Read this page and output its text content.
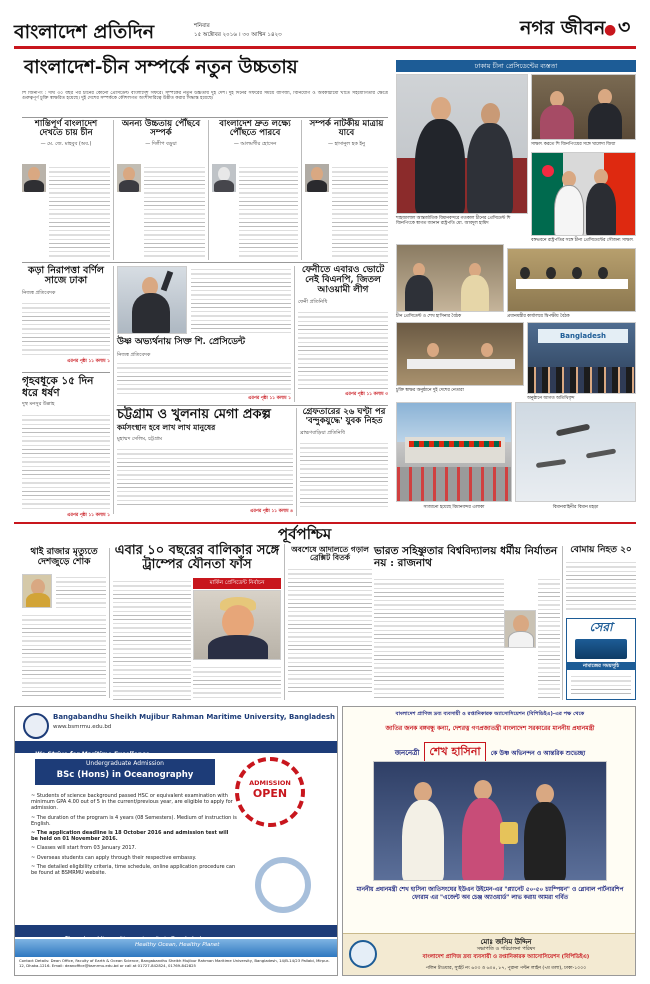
বাংলাদেশ প্রতিদিন	শনিবার
১৫ অক্টোবর ২০১৬ । ৩০ আশ্বিন ১৪২৩	নগর জীবন
● ৩
বাংলাদেশ-চীন সম্পর্কে নতুন উচ্চতায়
শি জিনপিং : দীর্ঘ ৩০ বছর পর চীনের কোনো প্রেসিডেন্ট বাংলাদেশ সফরে। সম্পর্কের নতুন উচ্চতায় দুই দেশ। দুই দিনের সফরের সময়ে বাণিজ্য, বিনিয়োগ ও অবকাঠামো খাতে সহযোগিতার ক্ষেত্রে গুরুত্বপূর্ণ চুক্তি স্বাক্ষরিত হয়েছে। দুই দেশের সম্পর্ককে কৌশলগত অংশীদারিত্বে উন্নীত করার সিদ্ধান্ত হয়েছে।
শান্তিপূর্ণ বাংলাদেশ দেখতে চায় চীন
— মে. জে. মাহবুব (অব.)
অনন্য উচ্চতায় পৌঁছবে সম্পর্ক
— দিলীপ বড়ুয়া
বাংলাদেশ দ্রুত লক্ষ্যে পৌঁছতে পারবে
— আলমগীর হোসেন
সম্পর্ক নাটকীয় মাত্রায় যাবে
— হাসানুল হক ইনু
কড়া নিরাপত্তা বর্ণিল সাজে ঢাকা
নিজস্ব প্রতিবেদক
এরপর পৃষ্ঠা ১১ কলাম ১
গৃহবধূকে ১৫ দিন ধরে ধর্ষণ
দুস্থ মনসুর উল্লাহ
এরপর পৃষ্ঠা ১১ কলাম ১
উষ্ণ অভ্যর্থনায় সিক্ত শি. প্রেসিডেন্ট
নিজস্ব প্রতিবেদক
এরপর পৃষ্ঠা ১১ কলাম ১
ফেনীতে এবারও ভোটে নেই বিএনপি, জিতল আওয়ামী লীগ
ফেনী প্রতিনিধি
এরপর পৃষ্ঠা ১১ কলাম ৩
চট্টগ্রাম ও খুলনায় মেগা প্রকল্প
কর্মসংস্থান হবে লাখ লাখ মানুষের
মুহাম্মদ সেলিম, চট্টগ্রাম
এরপর পৃষ্ঠা ১১ কলাম ৪
গ্রেফতারের ২৬ ঘণ্টা পর 'বন্দুকযুদ্ধে' যুবক নিহত
ব্রাহ্মণবাড়িয়া প্রতিনিধি
ঢাকায় চীনা প্রেসিডেন্টের ব্যস্ততা
সাক্ষাৎ করতে শি জিনপিংয়ের সঙ্গে খালেদা জিয়া
শাহজালাল আন্তর্জাতিক বিমানবন্দরে গতকাল চীনের প্রেসিডেন্ট শি জিনপিংকে স্বাগত জানান রাষ্ট্রপতি মো. আবদুল হামিদ
বঙ্গভবনে রাষ্ট্রপতির সঙ্গে চীনা প্রেসিডেন্টের সৌজন্য সাক্ষাৎ
চীন প্রেসিডেন্ট ও শেখ হাসিনার বৈঠক	প্রধানমন্ত্রীর কার্যালয়ে দ্বিপক্ষীয় বৈঠক
Bangladesh
চুক্তি স্বাক্ষর অনুষ্ঠানে দুই দেশের নেতারা
অনুষ্ঠানে আগত অতিথিবৃন্দ
সাজানো হয়েছে বিমানবন্দর এলাকা	বিমানবাহিনীর বিমান মহড়া
পূর্বপশ্চিম
থাই রাজার মৃত্যুতে দেশজুড়ে শোক
এবার ১০ বছরের বালিকার সঙ্গে ট্রাম্পের যৌনতা ফাঁস
মার্কিন প্রেসিডেন্ট নির্বাচন
অবশেষে আদালতে গড়াল ব্রেক্সিট বিতর্ক
ভারত সহিষ্ণুতার বিশ্ববিদ্যালয় ধর্মীয় নির্যাতন নয় : রাজনাথ
বোমায় নিহত ২০
সেরা
নামাজের সময়সূচি
Bangabandhu Sheikh Mujibur Rahman Maritime University, Bangladesh
www.bsmrmu.edu.bd
We Strive for Maritime Excellence
Undergraduate Admission
BSc (Hons) in Oceanography
ADMISSION
OPEN
~ Students of science background passed HSC or equivalent examination with minimum GPA 4.00 out of 5 in the current/previous year, are eligible to apply for admission.
~ The duration of the program is 4 years (08 Semesters). Medium of instruction is English.
~ The application deadline is 18 October 2016 and admission test will be held on 01 November 2016.
~ Classes will start from 03 January 2017.
~ Overseas students can apply through their respective embassy.
~ The detailed eligibility criteria, time schedule, online application procedure can be found at BSMRMU website.
Healthy Ocean, Healthy Planet
Contact Details: Dean Office, Faculty of Earth & Ocean Science, Bangabandhu Sheikh Mujibur Rahman Maritime University, Bangladesh, 14/B-14/23 Pallabi, Mirpur-12, Dhaka-1216. Email: deanoffice@bsmrmu.edu.bd or call at 01727-842824, 01769-842825
বাংলাদেশ প্রাণিজ দ্রব্য ব্যবসায়ী ও রপ্তানিকারক অ্যাসোসিয়েশন (বিপিডিইএ)-এর পক্ষ থেকে
জাতির জনক বঙ্গবন্ধু কন্যা, দেশরত্ন গণপ্রজাতন্ত্রী বাংলাদেশ সরকারের মাননীয় প্রধানমন্ত্রী
জননেত্রী শেখ হাসিনা কে উষ্ণ অভিনন্দন ও আন্তরিক শুভেচ্ছা
মাননীয় প্রধানমন্ত্রী শেখ হাসিনা জাতিসংঘের ইউএন উইমেন-এর "প্ল্যানেট ৫০-৫০ চ্যাম্পিয়ন" ও গ্লোবাল পার্টনারশিপ ফোরাম এর "এজেন্ট অব চেঞ্জ অ্যাওয়ার্ড" লাভ করায় আমরা গর্বিত
মোঃ জসিম উদ্দিন
সভাপতি ও পরিচালনা পরিষদ
বাংলাদেশ প্রাণিজ দ্রব্য ব্যবসায়ী ও রপ্তানিকারক অ্যাসোসিয়েশন (বিপিডিইএ)
পলিন টাওয়ার, স্যুইট নং ৬০৩ ও ৬০৪, ৮৭, পুরানা পল্টন লাইন (৭ম তলা), ঢাকা-১০০০
